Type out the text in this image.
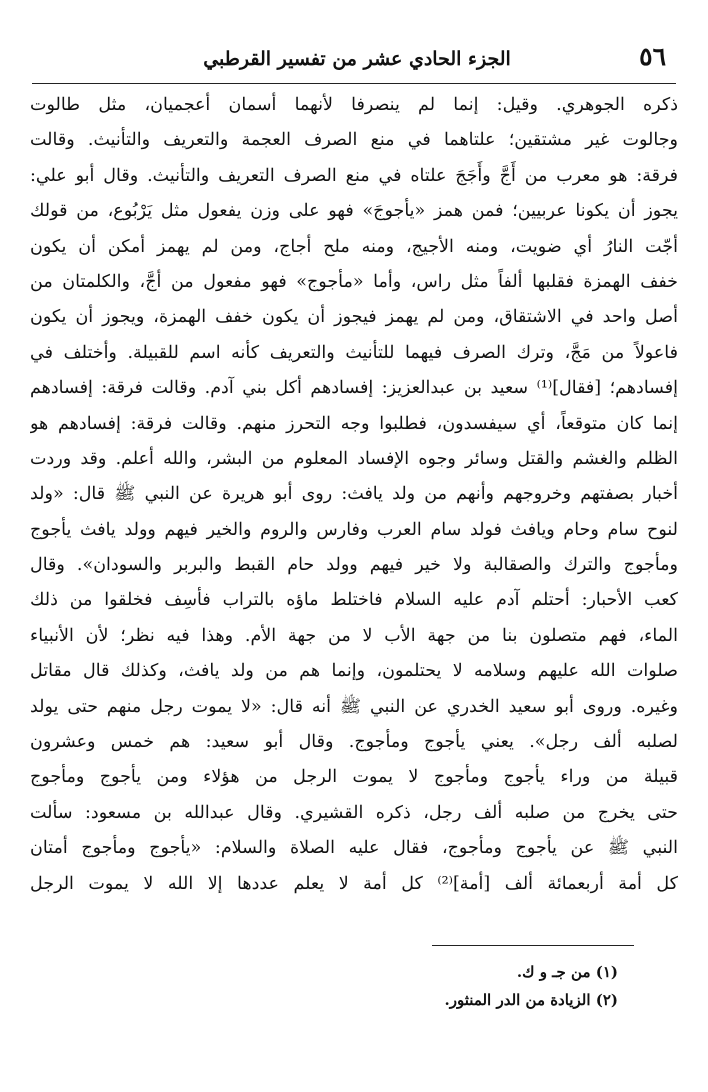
٥٦
الجزء الحادي عشر من تفسير القرطبي
ذكره الجوهري. وقيل: إنما لم ينصرفا لأنهما أسمان أعجميان، مثل طالوت
وجالوت غير مشتقين؛ علتاهما في منع الصرف العجمة والتعريف والتأنيث. وقالت
فرقة: هو معرب من أَجَّ وأَجَجَ علتاه في منع الصرف التعريف والتأنيث. وقال أبو علي:
يجوز أن يكونا عربيين؛ فمن همز «يأجوجَ» فهو على وزن يفعول مثل يَرْبُوع، من قولك
أجّت النارُ أي ضويت، ومنه الأجيج، ومنه ملح أجاج، ومن لم يهمز أمكن أن يكون
خفف الهمزة فقلبها ألفاً مثل راس، وأما «مأجوج» فهو مفعول من أجَّ، والكلمتان من
أصل واحد في الاشتقاق، ومن لم يهمز فيجوز أن يكون خفف الهمزة، ويجوز أن يكون
فاعولاً من مَجَّ، وترك الصرف فيهما للتأنيث والتعريف كأنه اسم للقبيلة. وأختلف في
إفسادهم؛ [فقال]⁽¹⁾ سعيد بن عبدالعزيز: إفسادهم أكل بني آدم. وقالت فرقة: إفسادهم
إنما كان متوقعاً، أي سيفسدون، فطلبوا وجه التحرز منهم. وقالت فرقة: إفسادهم هو
الظلم والغشم والقتل وسائر وجوه الإفساد المعلوم من البشر، والله أعلم. وقد وردت
أخبار بصفتهم وخروجهم وأنهم من ولد يافث: روى أبو هريرة عن النبي ﷺ قال: «ولد
لنوح سام وحام ويافث فولد سام العرب وفارس والروم والخير فيهم وولد يافث يأجوج
ومأجوج والترك والصقالبة ولا خير فيهم وولد حام القبط والبربر والسودان». وقال
كعب الأحبار: أحتلم آدم عليه السلام فاختلط ماؤه بالتراب فأسِف فخلقوا من ذلك
الماء، فهم متصلون بنا من جهة الأب لا من جهة الأم. وهذا فيه نظر؛ لأن الأنبياء
صلوات الله عليهم وسلامه لا يحتلمون، وإنما هم من ولد يافث، وكذلك قال مقاتل
وغيره. وروى أبو سعيد الخدري عن النبي ﷺ أنه قال: «لا يموت رجل منهم حتى يولد
لصلبه ألف رجل». يعني يأجوج ومأجوج. وقال أبو سعيد: هم خمس وعشرون
قبيلة من وراء يأجوج ومأجوج لا يموت الرجل من هؤلاء ومن يأجوج ومأجوج
حتى يخرج من صلبه ألف رجل، ذكره القشيري. وقال عبدالله بن مسعود: سألت
النبي ﷺ عن يأجوج ومأجوج، فقال عليه الصلاة والسلام: «يأجوج ومأجوج أمتان
كل أمة أربعمائة ألف [أمة]⁽²⁾ كل أمة لا يعلم عددها إلا الله لا يموت الرجل
(١) من جـ و ك.
(٢) الزيادة من الدر المنثور.
